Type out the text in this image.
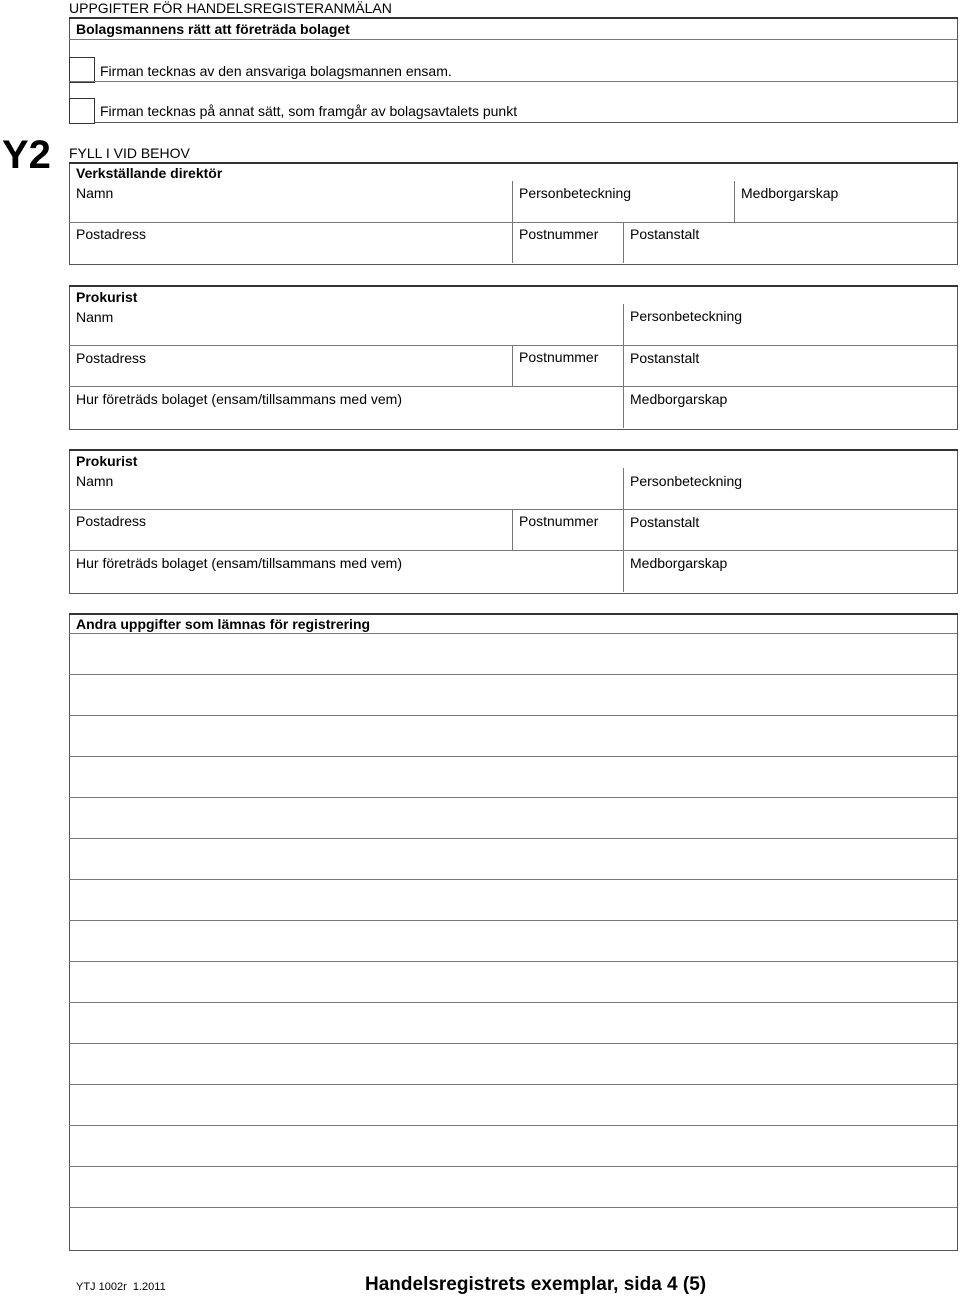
UPPGIFTER FÖR HANDELSREGISTERANMÄLAN
Bolagsmannens rätt att företräda bolaget
Firman tecknas av den ansvariga bolagsmannen ensam.
Firman tecknas på annat sätt, som framgår av bolagsavtalets punkt
Y2 FYLL I VID BEHOV
Verkställande direktör
Namn	Personbeteckning	Medborgarskap
Postadress	Postnummer Postanstalt
Prokurist
Nanm	Personbeteckning
Postadress	Postnummer Postanstalt
Hur företräds bolaget (ensam/tillsammans med vem)	Medborgarskap
Prokurist
Namn	Personbeteckning
Postadress	Postnummer Postanstalt
Hur företräds bolaget (ensam/tillsammans med vem)	Medborgarskap
Andra uppgifter som lämnas för registrering
YTJ 1002r  1.2011	Handelsregistrets exemplar, sida 4 (5)
